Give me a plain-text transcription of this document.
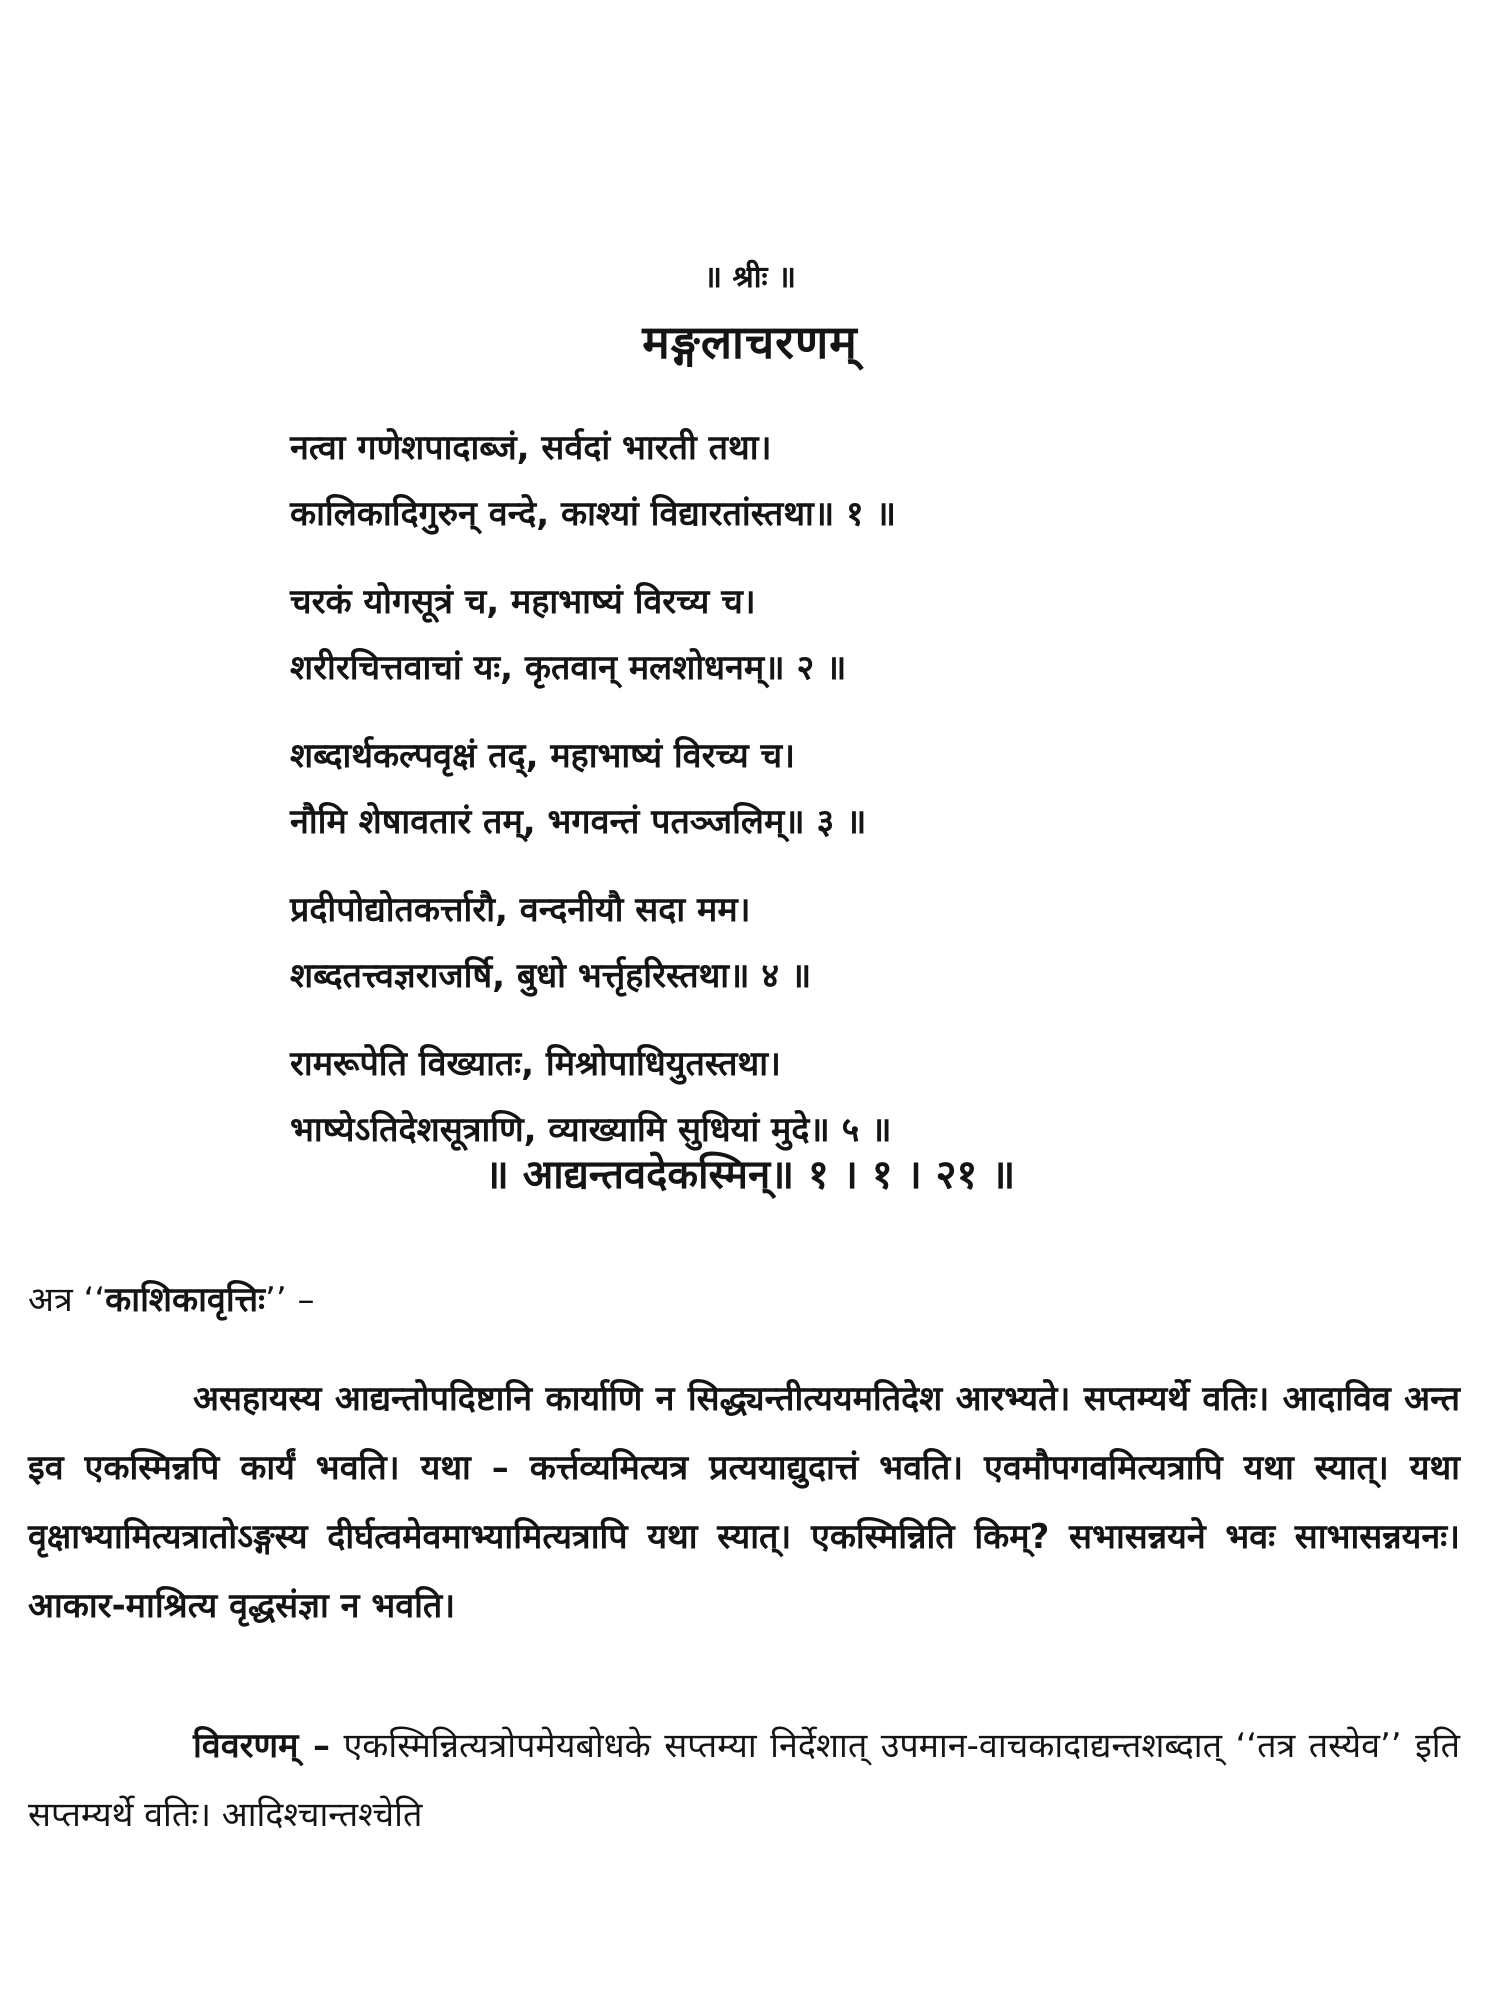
॥ श्रीः ॥
मङ्गलाचरणम्
नत्वा गणेशपादाब्जं, सर्वदां भारती तथा।
कालिकादिगुरुन् वन्दे, काश्यां विद्यारतांस्तथा॥ १ ॥
चरकं योगसूत्रं च, महाभाष्यं विरच्य च।
शरीरचित्तवाचां यः, कृतवान् मलशोधनम्॥ २ ॥
शब्दार्थकल्पवृक्षं तद्, महाभाष्यं विरच्य च।
नौमि शेषावतारं तम्, भगवन्तं पतञ्जलिम्॥ ३ ॥
प्रदीपोद्योतकर्त्तारौ, वन्दनीयौ सदा मम।
शब्दतत्त्वज्ञराजर्षि, बुधो भर्त्तृहरिस्तथा॥ ४ ॥
रामरूपेति विख्यातः, मिश्रोपाधियुतस्तथा।
भाष्येऽतिदेशसूत्राणि, व्याख्यामि सुधियां मुदे॥ ५ ॥
॥ आद्यन्तवदेकस्मिन्॥ १ । १ । २१ ॥
अत्र ‘‘काशिकावृत्तिः’’ –
असहायस्य आद्यन्तोपदिष्टानि कार्याणि न सिद्ध्यन्तीत्ययमतिदेश आरभ्यते। सप्तम्यर्थे वतिः। आदाविव अन्त इव एकस्मिन्नपि कार्यं भवति। यथा – कर्त्तव्यमित्यत्र प्रत्ययाद्युदात्तं भवति। एवमौपगवमित्यत्रापि यथा स्यात्। यथा वृक्षाभ्यामित्यत्रातोऽङ्गस्य दीर्घत्वमेवमाभ्यामित्यत्रापि यथा स्यात्। एकस्मिन्निति किम्? सभासन्नयने भवः साभासन्नयनः। आकार-माश्रित्य वृद्धसंज्ञा न भवति।
विवरणम् – एकस्मिन्नित्यत्रोपमेयबोधके सप्तम्या निर्देशात् उपमान-वाचकादाद्यन्तशब्दात् ‘‘तत्र तस्येव’’ इति सप्तम्यर्थे वतिः। आदिश्चान्तश्चेति
